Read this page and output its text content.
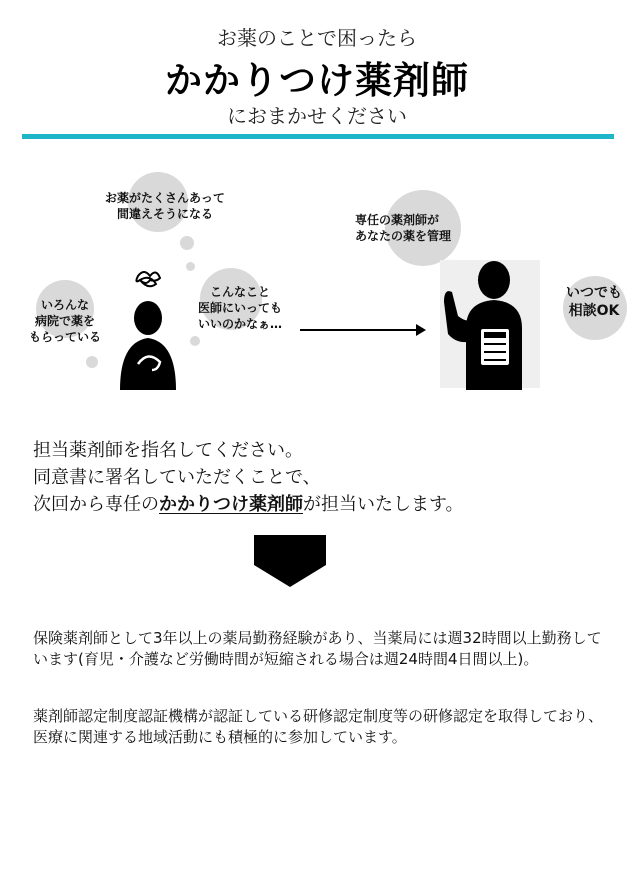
お薬のことで困ったら
かかりつけ薬剤師
におまかせください
お薬がたくさんあって
間違えそうになる
いろんな
病院で薬を
もらっている
こんなこと
医師にいっても
いいのかなぁ…
専任の薬剤師が
あなたの薬を管理
いつでも
相談OK
担当薬剤師を指名してください。
同意書に署名していただくことで、
次回から専任のかかりつけ薬剤師が担当いたします。
保険薬剤師として3年以上の薬局勤務経験があり、当薬局には週32時間以上勤務しています(育児・介護など労働時間が短縮される場合は週24時間4日間以上)。
薬剤師認定制度認証機構が認証している研修認定制度等の研修認定を取得しており、医療に関連する地域活動にも積極的に参加しています。
